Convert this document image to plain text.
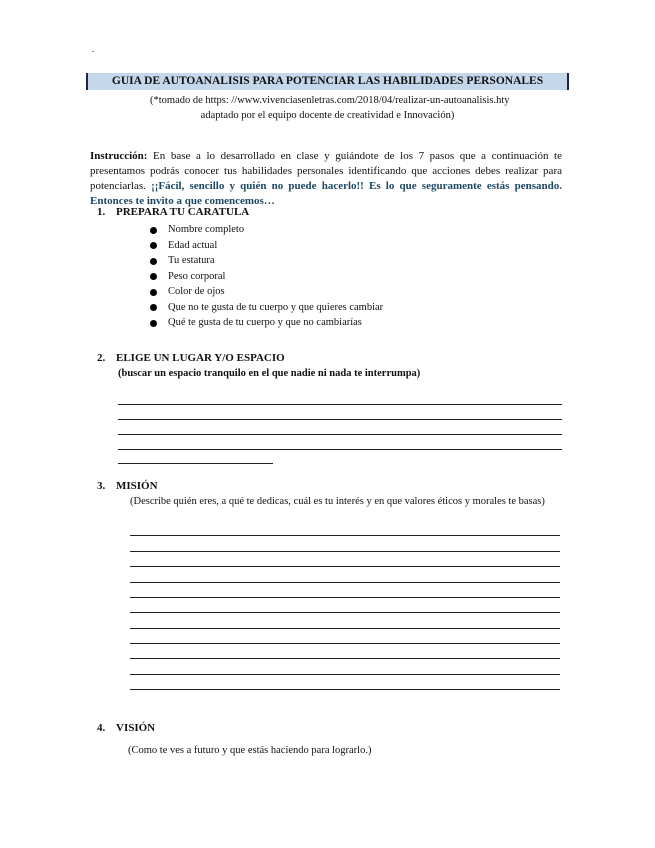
.
GUIA DE AUTOANALISIS PARA POTENCIAR LAS HABILIDADES PERSONALES
(*tomado de https: //www.vivenciasenletras.com/2018/04/realizar-un-autoanalisis.hty
adaptado por el equipo docente de creatividad e Innovación)
Instrucción: En base a lo desarrollado en clase y guiándote de los 7 pasos que a continuación te presentamos podrás conocer tus habilidades personales identificando que acciones debes realizar para potenciarlas. ¡¡Fácil, sencillo y quién no puede hacerlo!! Es lo que seguramente estás pensando. Entonces te invito a que comencemos…
1. PREPARA TU CARATULA
Nombre completo
Edad actual
Tu estatura
Peso corporal
Color de ojos
Que no te gusta de tu cuerpo y que quieres cambiar
Qué te gusta de tu cuerpo y que no cambiarías
2. ELIGE UN LUGAR Y/O ESPACIO
(buscar un espacio tranquilo en el que nadie ni nada te interrumpa)
3. MISIÓN
(Describe quién eres, a qué te dedicas, cuál es tu interés y en que valores éticos y morales te basas)
4. VISIÓN
(Como te ves a futuro y que estás haciendo para lograrlo.)
